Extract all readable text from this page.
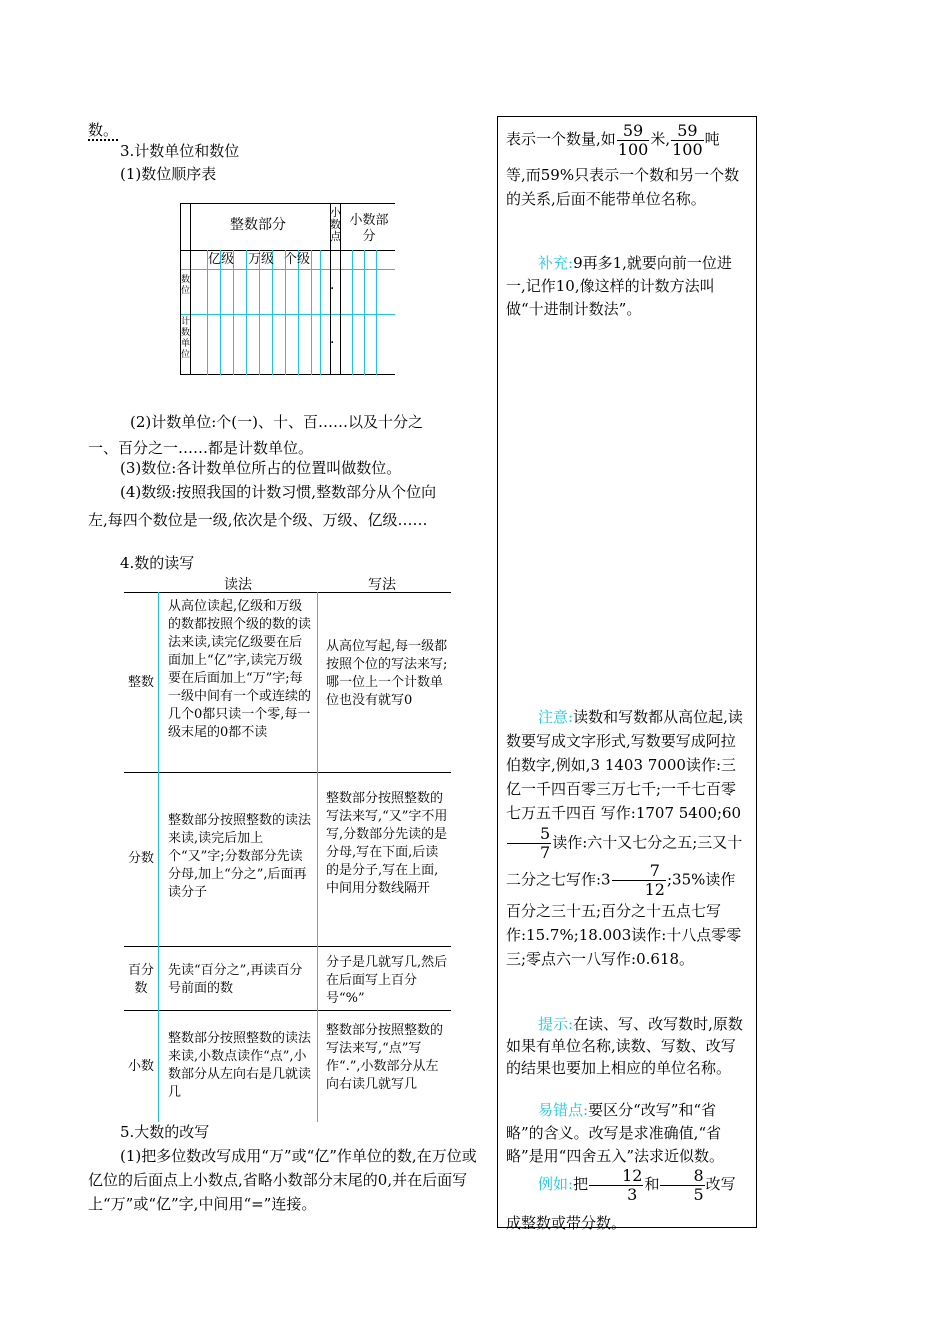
数。
3.计数单位和数位
(1)数位顺序表
整数部分
小数点
小数部分
亿级 万级 个级
数位
计数单位
·
·
(2)计数单位:个(一)、十、百……以及十分之一、百分之一……都是计数单位。
(3)数位:各计数单位所占的位置叫做数位。
(4)数级:按照我国的计数习惯,整数部分从个位向
左,每四个数位是一级,依次是个级、万级、亿级……
4.数的读写
读法	写法
整数
从高位读起,亿级和万级的数都按照个级的数的读法来读,读完亿级要在后面加上“亿”字,读完万级要在后面加上“万”字;每一级中间有一个或连续的几个0都只读一个零,每一级末尾的0都不读
从高位写起,每一级都按照个位的写法来写;哪一位上一个计数单位也没有就写0
分数
整数部分按照整数的读法来读,读完后加上个“又”字;分数部分先读分母,加上“分之”,后面再读分子
整数部分按照整数的写法来写,“又”字不用写,分数部分先读的是分母,写在下面,后读的是分子,写在上面,中间用分数线隔开
百分数
先读“百分之”,再读百分号前面的数
分子是几就写几,然后在后面写上百分号“%”
小数
整数部分按照整数的读法来读,小数点读作“点”,小数部分从左向右是几就读几
整数部分按照整数的写法来写,“点”写作“.”,小数部分从左向右读几就写几
5.大数的改写
(1)把多位数改写成用“万”或“亿”作单位的数,在万位或亿位的后面点上小数点,省略小数部分末尾的0,并在后面写上“万”或“亿”字,中间用“=”连接。
表示一个数量,如 $\frac{59}{100}$ 米, $\frac{59}{100}$ 吨
等,而59%只表示一个数和另一个数的关系,后面不能带单位名称。
补充:9再多1,就要向前一位进一,记作10,像这样的计数方法叫做“十进制计数法”。
注意:读数和写数都从高位起,读数要写成文字形式,写数要写成阿拉伯数字,例如,3 1403 7000读作:三亿一千四百零三万七千;一千七百零七万五千四百 写作:1707 5400;60
$\frac{5}{7}$ 读作:六十又七分之五;三又十二分之七写作:3 $\frac{7}{12}$ ;35%读作百分之三十五;百分之十五点七写作:15.7%;18.003读作:十八点零零三;零点六一八写作:0.618。
提示:在读、写、改写数时,原数如果有单位名称,读数、写数、改写的结果也要加上相应的单位名称。
易错点:要区分“改写”和“省略”的含义。改写是求准确值,“省略”是用“四舍五入”法求近似数。
例如:把 $\frac{12}{3}$ 和 $\frac{8}{5}$ 改写成整数或带分数。
